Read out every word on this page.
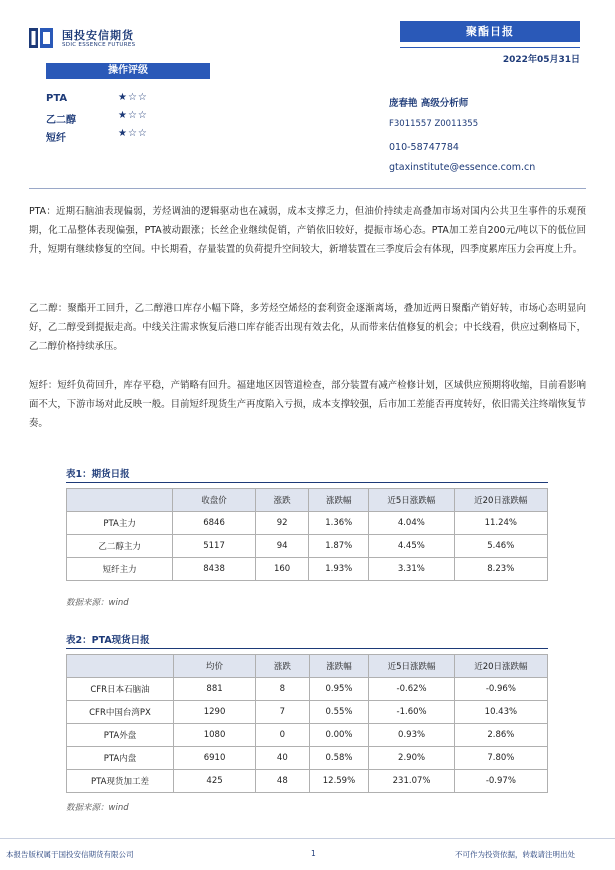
国投安信期货
SDIC ESSENCE FUTURES
聚酯日报
2022年05月31日
操作评级
PTA	★☆☆
乙二醇	★☆☆
短纤	★☆☆
庞春艳 高级分析师
F3011557 Z0011355
010-58747784
gtaxinstitute@essence.com.cn
PTA：近期石脑油表现偏弱，芳烃调油的逻辑驱动也在减弱，成本支撑乏力，但油价持续走高叠加市场对国内公共卫生事件的乐观预期，化工品整体表现偏强，PTA被动跟涨；长丝企业继续促销，产销依旧较好，提振市场心态。PTA加工差自200元/吨以下的低位回升，短期有继续修复的空间。中长期看，存量装置的负荷提升空间较大，新增装置在三季度后会有体现，四季度累库压力会再度上升。
乙二醇：聚酯开工回升，乙二醇港口库存小幅下降，多芳烃空烯烃的套利资金逐渐离场，叠加近两日聚酯产销好转，市场心态明显向好，乙二醇受到提振走高。中线关注需求恢复后港口库存能否出现有效去化，从而带来估值修复的机会；中长线看，供应过剩格局下，乙二醇价格持续承压。
短纤：短纤负荷回升，库存平稳，产销略有回升。福建地区因管道检查，部分装置有减产检修计划，区域供应预期将收缩，目前看影响面不大，下游市场对此反映一般。目前短纤现货生产再度陷入亏损，成本支撑较强，后市加工差能否再度转好，依旧需关注终端恢复节奏。
表1：期货日报
	收盘价	涨跌	涨跌幅	近5日涨跌幅	近20日涨跌幅
PTA主力	6846	92	1.36%	4.04%	11.24%
乙二醇主力	5117	94	1.87%	4.45%	5.46%
短纤主力	8438	160	1.93%	3.31%	8.23%
数据来源：wind
表2：PTA现货日报
	均价	涨跌	涨跌幅	近5日涨跌幅	近20日涨跌幅
CFR日本石脑油	881	8	0.95%	-0.62%	-0.96%
CFR中国台湾PX	1290	7	0.55%	-1.60%	10.43%
PTA外盘	1080	0	0.00%	0.93%	2.86%
PTA内盘	6910	40	0.58%	2.90%	7.80%
PTA现货加工差	425	48	12.59%	231.07%	-0.97%
数据来源：wind
本报告版权属于国投安信期货有限公司	1	不可作为投资依据，转载请注明出处
